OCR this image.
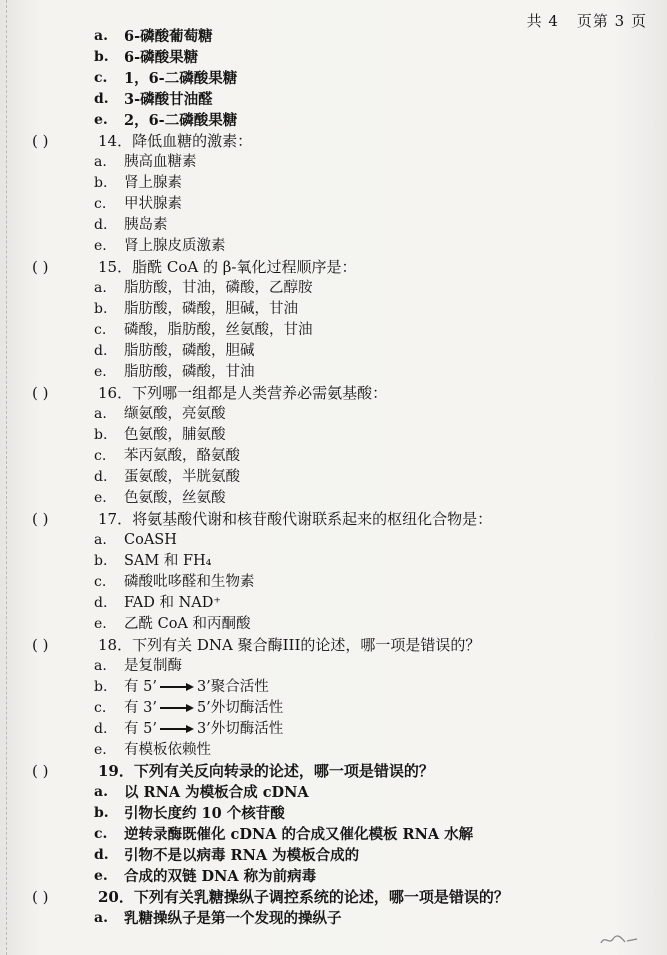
共 4 页第 3 页
a.	6-磷酸葡萄糖
b.	6-磷酸果糖
c.	1，6-二磷酸果糖
d.	3-磷酸甘油醛
e.	2，6-二磷酸果糖
( )	14．降低血糖的激素：
a.	胰高血糖素
b.	肾上腺素
c.	甲状腺素
d.	胰岛素
e.	肾上腺皮质激素
( )	15．脂酰 CoA 的 β-氧化过程顺序是：
a.	脂肪酸，甘油，磷酸，乙醇胺
b.	脂肪酸，磷酸，胆碱，甘油
c.	磷酸，脂肪酸，丝氨酸，甘油
d.	脂肪酸，磷酸，胆碱
e.	脂肪酸，磷酸，甘油
( )	16．下列哪一组都是人类营养必需氨基酸：
a.	缬氨酸，亮氨酸
b.	色氨酸，脯氨酸
c.	苯丙氨酸，酪氨酸
d.	蛋氨酸，半胱氨酸
e.	色氨酸，丝氨酸
( )	17．将氨基酸代谢和核苷酸代谢联系起来的枢纽化合物是：
a.	CoASH
b.	SAM 和 FH₄
c.	磷酸吡哆醛和生物素
d.	FAD 和 NAD⁺
e.	乙酰 CoA 和丙酮酸
( )	18．下列有关 DNA 聚合酶III的论述，哪一项是错误的？
a.	是复制酶
b.	有 5’	3’聚合活性
c.	有 3’	5’外切酶活性
d.	有 5’	3’外切酶活性
e.	有模板依赖性
( )	19．下列有关反向转录的论述，哪一项是错误的？
a.	以 RNA 为模板合成 cDNA
b.	引物长度约 10 个核苷酸
c.	逆转录酶既催化 cDNA 的合成又催化模板 RNA 水解
d.	引物不是以病毒 RNA 为模板合成的
e.	合成的双链 DNA 称为前病毒
( )	20．下列有关乳糖操纵子调控系统的论述，哪一项是错误的？
a.	乳糖操纵子是第一个发现的操纵子
